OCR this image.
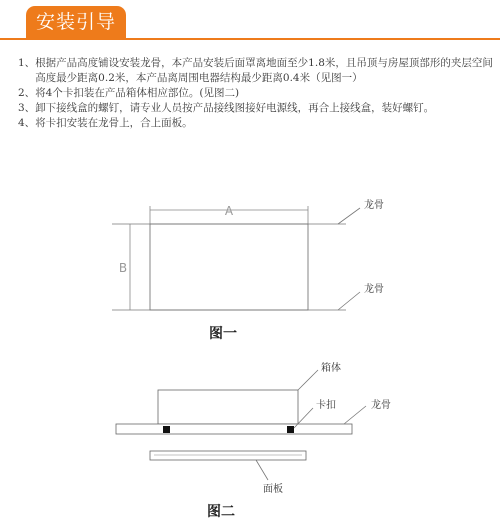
安装引导
1、 根据产品高度铺设安装龙骨，本产品安装后面罩离地面至少1.8米，且吊顶与房屋顶部形的夹层空间高度最少距离0.2米，本产品离周围电器结构最少距离0.4米（见图一）
2、 将4个卡扣装在产品箱体相应部位。(见图二)
3、 卸下接线盒的螺钉，请专业人员按产品接线图接好电源线，再合上接线盒，装好螺钉。
4、 将卡扣安装在龙骨上，合上面板。
A
B
龙骨
龙骨
图一
箱体
卡扣	龙骨
面板
图二
